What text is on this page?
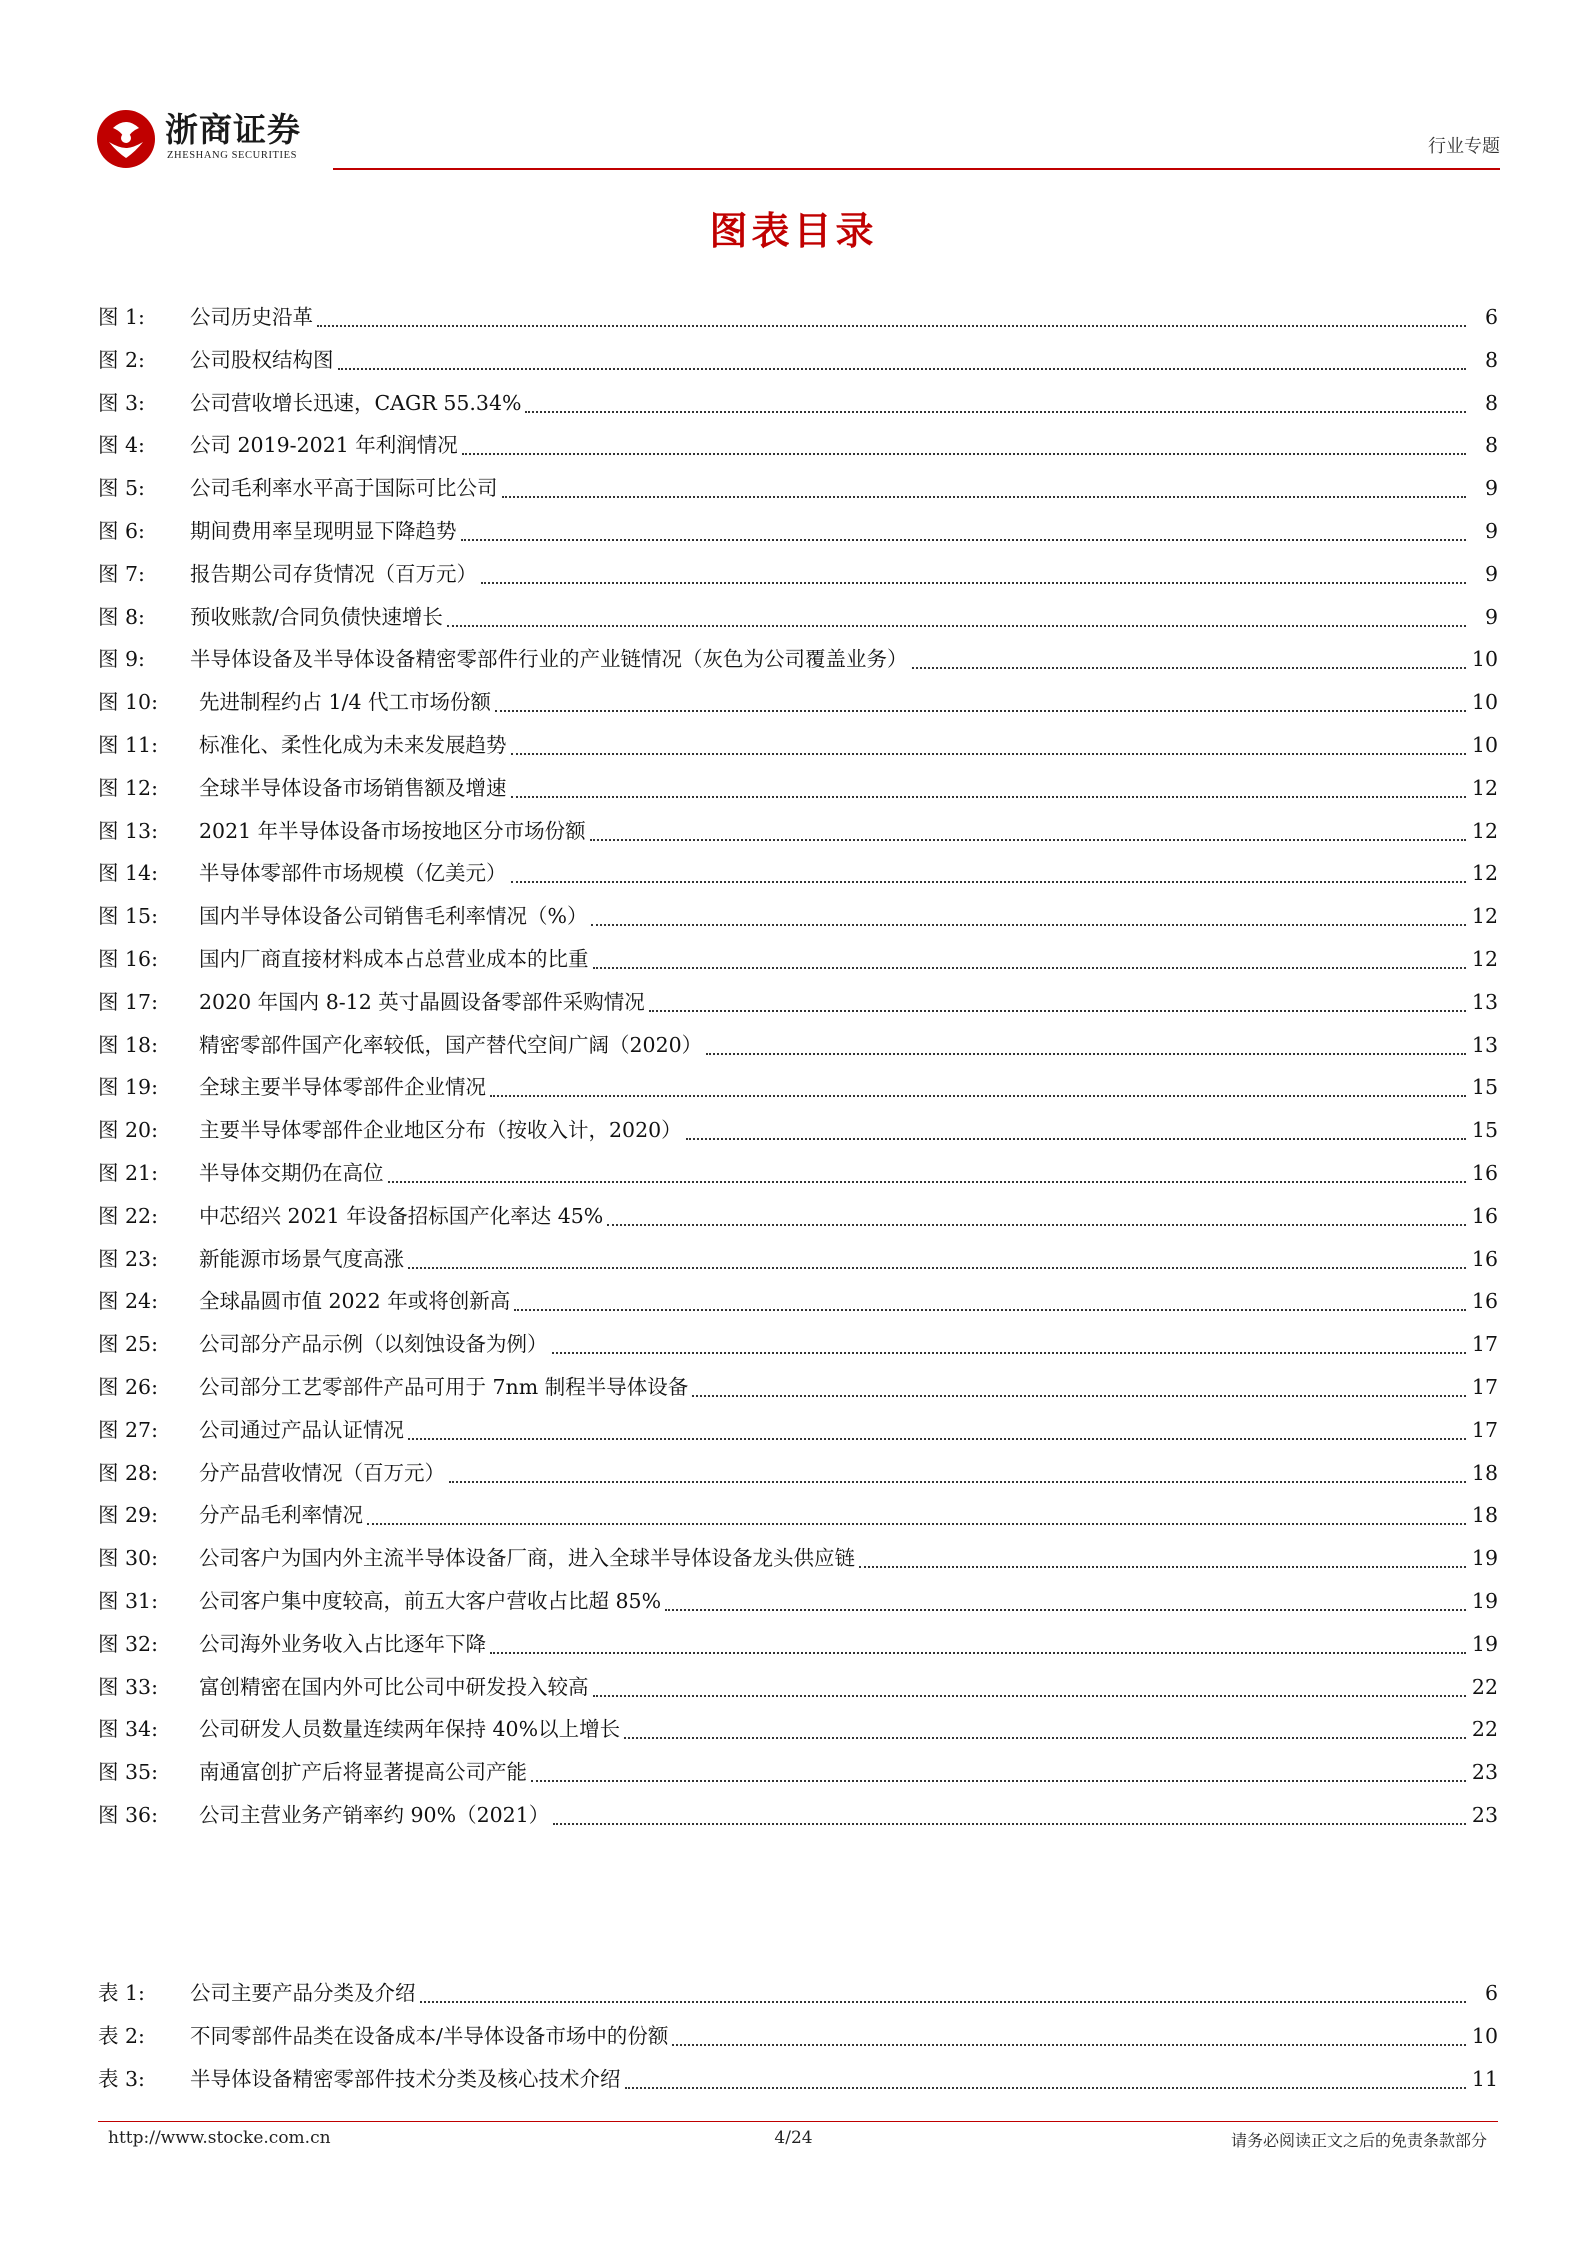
浙商证券
ZHESHANG SECURITIES	行业专题
图表目录
图 1: 公司历史沿革	6
图 2: 公司股权结构图	8
图 3: 公司营收增长迅速，CAGR 55.34%	8
图 4: 公司 2019-2021 年利润情况	8
图 5: 公司毛利率水平高于国际可比公司	9
图 6: 期间费用率呈现明显下降趋势	9
图 7: 报告期公司存货情况（百万元）	9
图 8: 预收账款/合同负债快速增长	9
图 9: 半导体设备及半导体设备精密零部件行业的产业链情况（灰色为公司覆盖业务）	10
图 10: 先进制程约占 1/4 代工市场份额	10
图 11: 标准化、柔性化成为未来发展趋势	10
图 12: 全球半导体设备市场销售额及增速	12
图 13: 2021 年半导体设备市场按地区分市场份额	12
图 14: 半导体零部件市场规模（亿美元）	12
图 15: 国内半导体设备公司销售毛利率情况（%）	12
图 16: 国内厂商直接材料成本占总营业成本的比重	12
图 17: 2020 年国内 8-12 英寸晶圆设备零部件采购情况	13
图 18: 精密零部件国产化率较低，国产替代空间广阔（2020）	13
图 19: 全球主要半导体零部件企业情况	15
图 20: 主要半导体零部件企业地区分布（按收入计，2020）	15
图 21: 半导体交期仍在高位	16
图 22: 中芯绍兴 2021 年设备招标国产化率达 45%	16
图 23: 新能源市场景气度高涨	16
图 24: 全球晶圆市值 2022 年或将创新高	16
图 25: 公司部分产品示例（以刻蚀设备为例）	17
图 26: 公司部分工艺零部件产品可用于 7nm 制程半导体设备	17
图 27: 公司通过产品认证情况	17
图 28: 分产品营收情况（百万元）	18
图 29: 分产品毛利率情况	18
图 30: 公司客户为国内外主流半导体设备厂商，进入全球半导体设备龙头供应链	19
图 31: 公司客户集中度较高，前五大客户营收占比超 85%	19
图 32: 公司海外业务收入占比逐年下降	19
图 33: 富创精密在国内外可比公司中研发投入较高	22
图 34: 公司研发人员数量连续两年保持 40%以上增长	22
图 35: 南通富创扩产后将显著提高公司产能	23
图 36: 公司主营业务产销率约 90%（2021）	23
表 1: 公司主要产品分类及介绍	6
表 2: 不同零部件品类在设备成本/半导体设备市场中的份额	10
表 3: 半导体设备精密零部件技术分类及核心技术介绍	11
http://www.stocke.com.cn	4/24	请务必阅读正文之后的免责条款部分
